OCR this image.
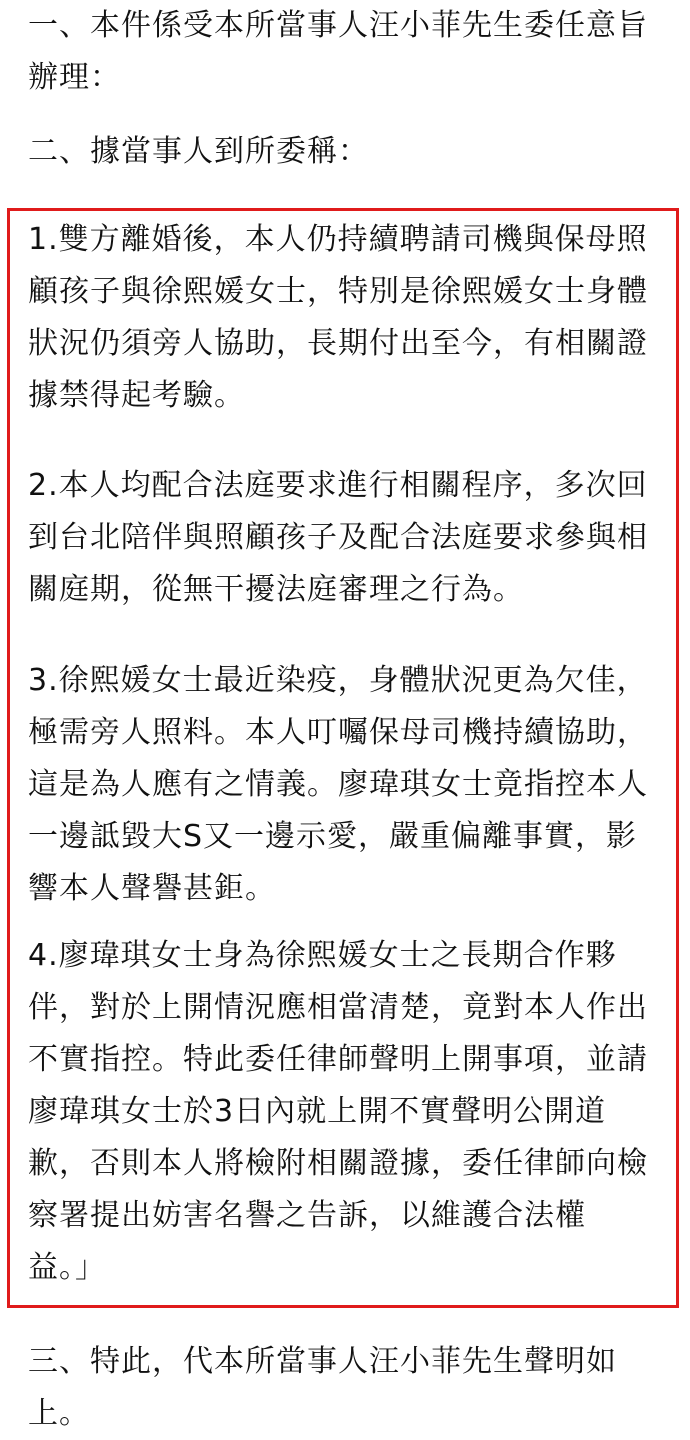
一、本件係受本所當事人汪小菲先生委任意旨
辦理：

二、據當事人到所委稱：

1.雙方離婚後，本人仍持續聘請司機與保母照
顧孩子與徐熙媛女士，特別是徐熙媛女士身體
狀況仍須旁人協助，長期付出至今，有相關證
據禁得起考驗。

2.本人均配合法庭要求進行相關程序，多次回
到台北陪伴與照顧孩子及配合法庭要求參與相
關庭期，從無干擾法庭審理之行為。

3.徐熙媛女士最近染疫，身體狀況更為欠佳，
極需旁人照料。本人叮囑保母司機持續協助，
這是為人應有之情義。廖瑋琪女士竟指控本人
一邊詆毀大S又一邊示愛，嚴重偏離事實，影
響本人聲譽甚鉅。

4.廖瑋琪女士身為徐熙媛女士之長期合作夥
伴，對於上開情況應相當清楚，竟對本人作出
不實指控。特此委任律師聲明上開事項，並請
廖瑋琪女士於3日內就上開不實聲明公開道
歉，否則本人將檢附相關證據，委任律師向檢
察署提出妨害名譽之告訴，以維護合法權
益。」

三、特此，代本所當事人汪小菲先生聲明如
上。
